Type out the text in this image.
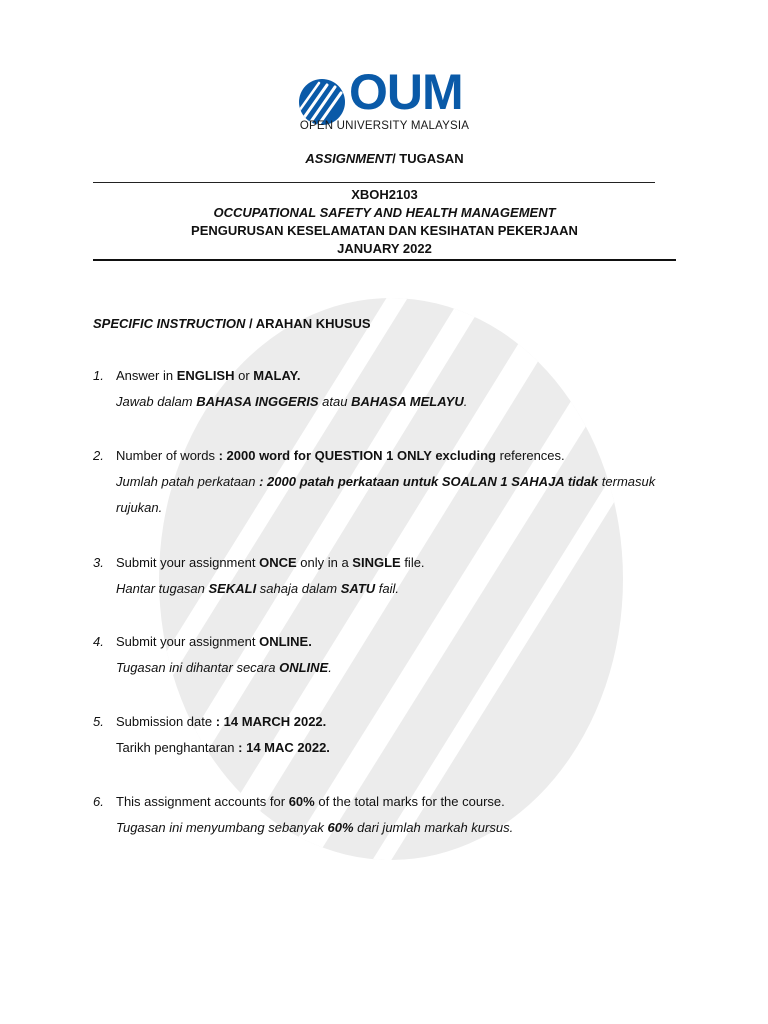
OUM
OPEN UNIVERSITY MALAYSIA
ASSIGNMENT/ TUGASAN
XBOH2103
OCCUPATIONAL SAFETY AND HEALTH MANAGEMENT
PENGURUSAN KESELAMATAN DAN KESIHATAN PEKERJAAN
JANUARY 2022
SPECIFIC INSTRUCTION / ARAHAN KHUSUS
1. Answer in ENGLISH or MALAY.
Jawab dalam BAHASA INGGERIS atau BAHASA MELAYU.
2. Number of words : 2000 word for QUESTION 1 ONLY excluding references.
Jumlah patah perkataan : 2000 patah perkataan untuk SOALAN 1 SAHAJA tidak termasuk
rujukan.
3. Submit your assignment ONCE only in a SINGLE file.
Hantar tugasan SEKALI sahaja dalam SATU fail.
4. Submit your assignment ONLINE.
Tugasan ini dihantar secara ONLINE.
5. Submission date : 14 MARCH 2022.
Tarikh penghantaran : 14 MAC 2022.
6. This assignment accounts for 60% of the total marks for the course.
Tugasan ini menyumbang sebanyak 60% dari jumlah markah kursus.
